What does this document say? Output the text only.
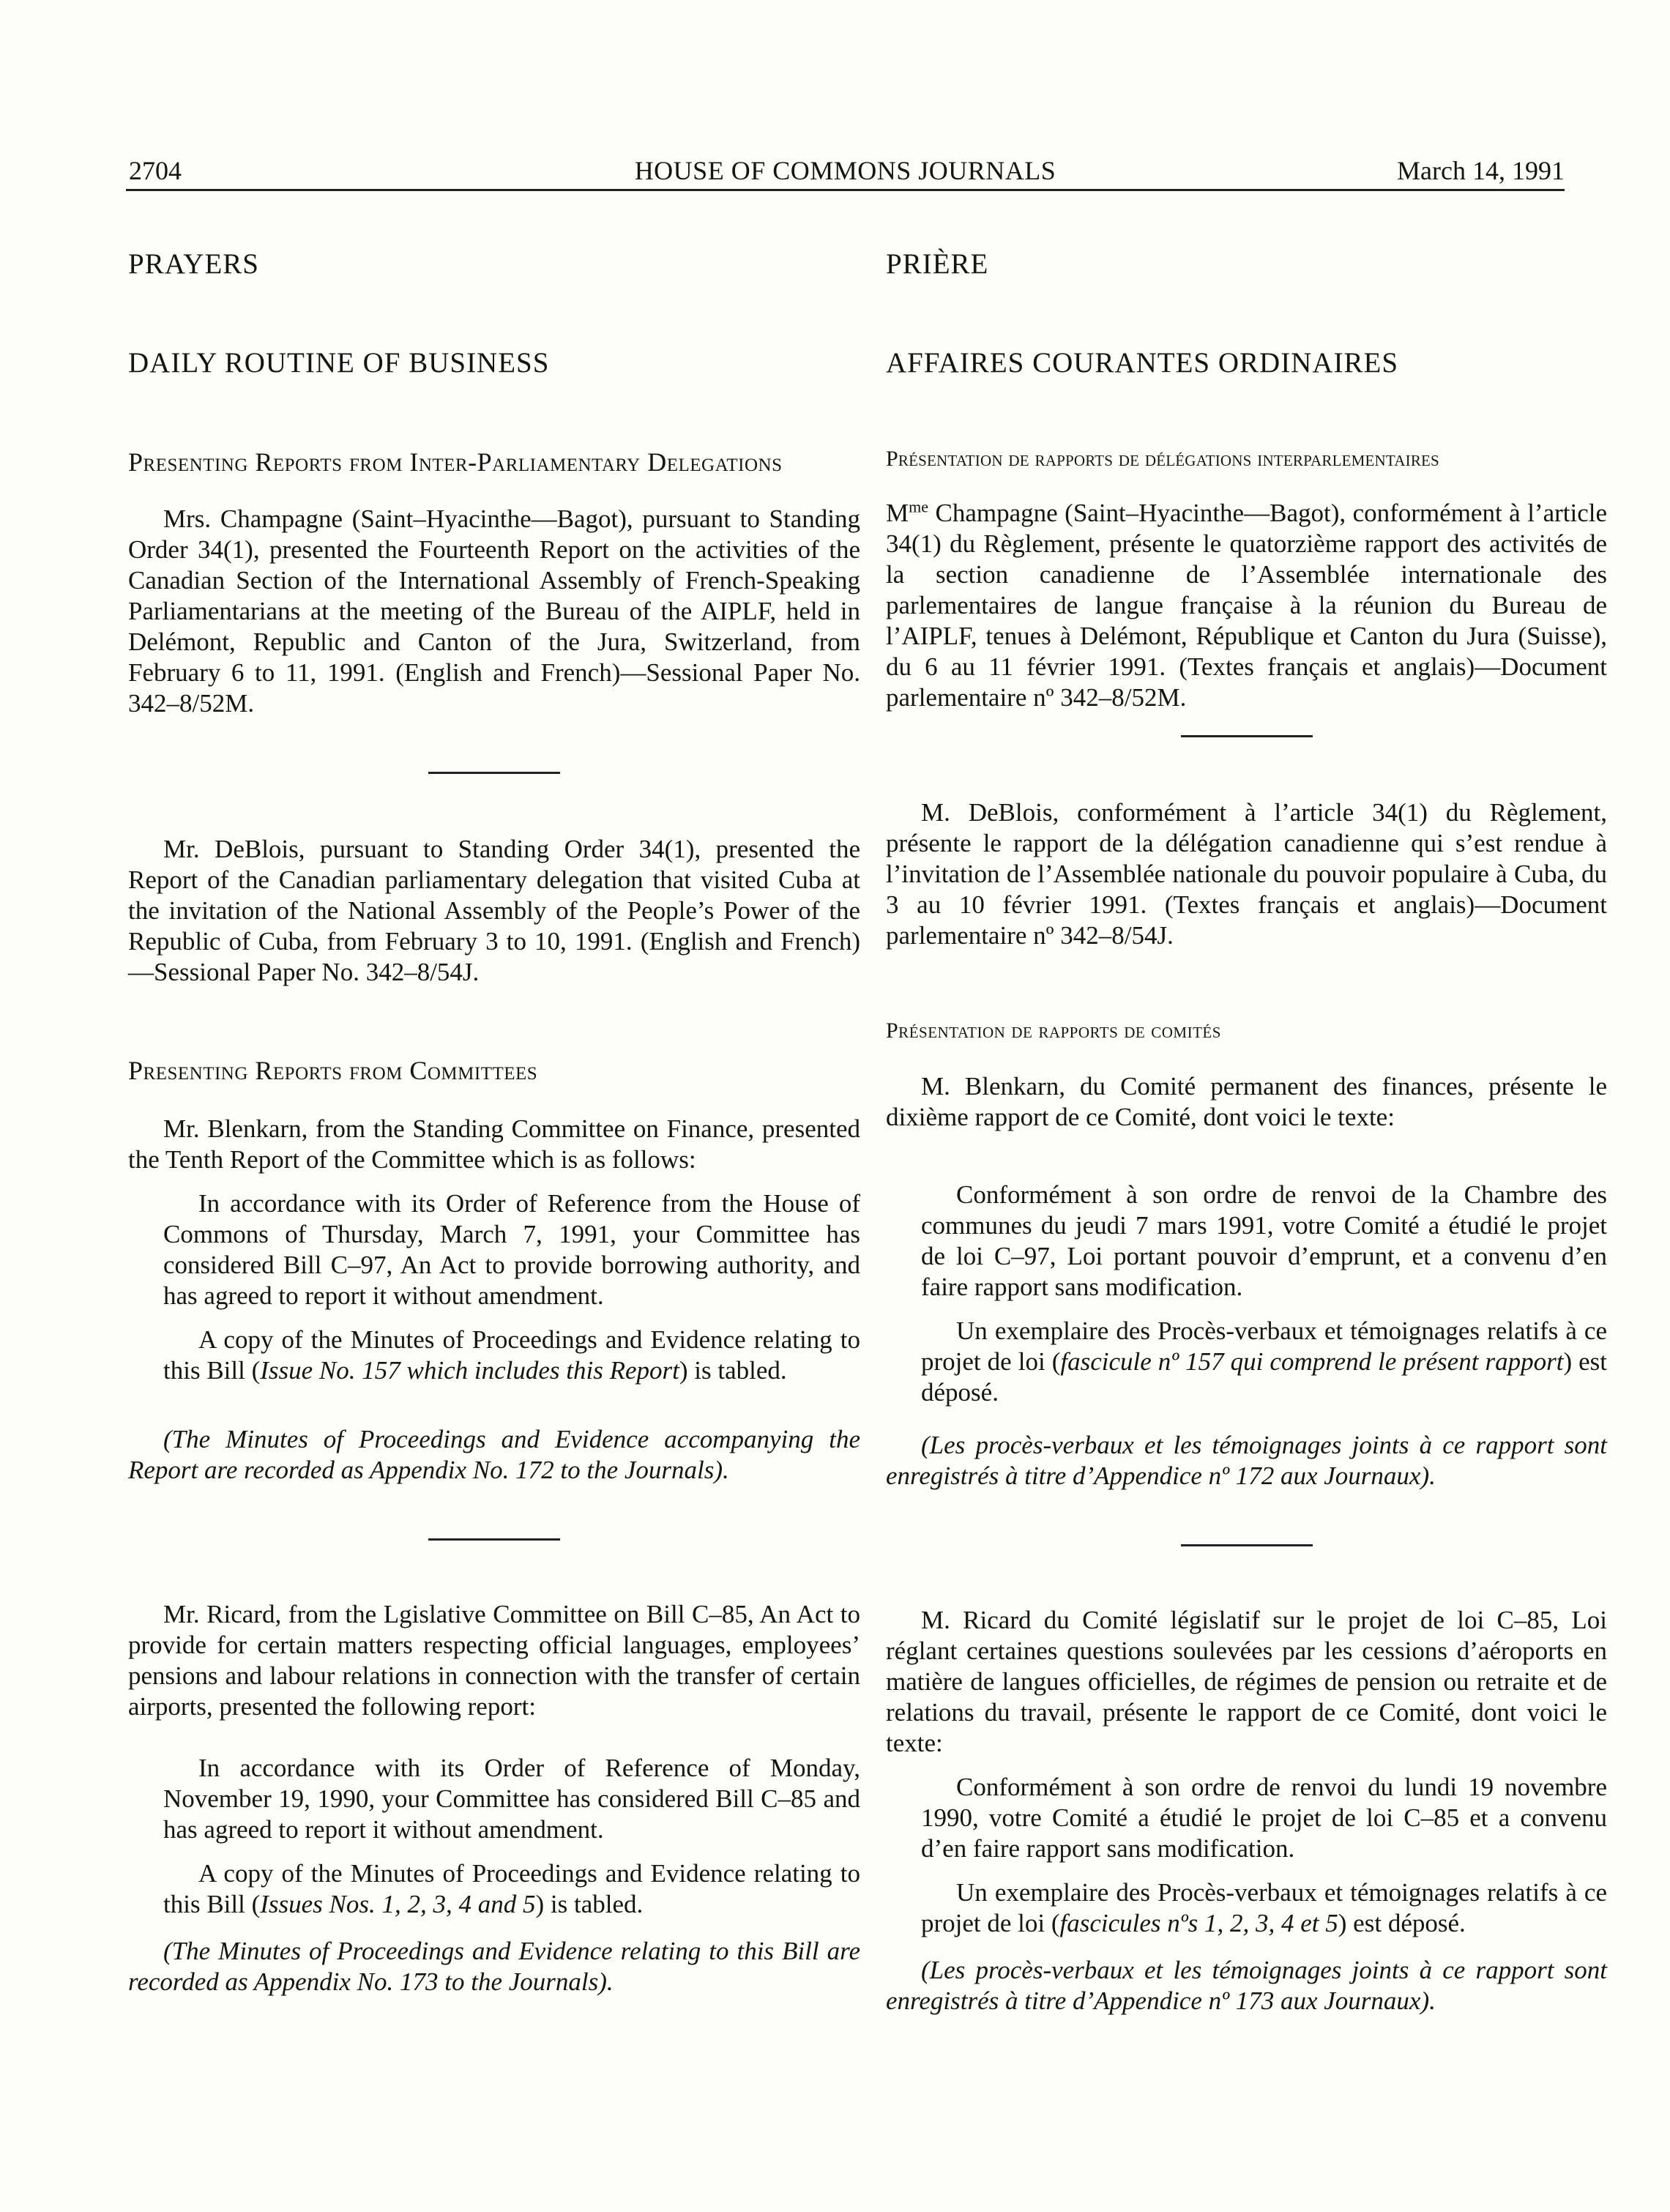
2704	HOUSE OF COMMONS JOURNALS	March 14, 1991
PRAYERS
DAILY ROUTINE OF BUSINESS
Presenting Reports from Inter-Parliamentary Delegations

Mrs. Champagne (Saint–Hyacinthe—Bagot), pursuant to Standing Order 34(1), presented the Fourteenth Report on the activities of the Canadian Section of the International Assembly of French-Speaking Parliamentarians at the meeting of the Bureau of the AIPLF, held in Delémont, Republic and Canton of the Jura, Switzerland, from February 6 to 11, 1991. (English and French)—Sessional Paper No. 342–8/52M.

Mr. DeBlois, pursuant to Standing Order 34(1), presented the Report of the Canadian parliamentary delegation that visited Cuba at the invitation of the National Assembly of the People’s Power of the Republic of Cuba, from February 3 to 10, 1991. (English and French)—Sessional Paper No. 342–8/54J.

Presenting Reports from Committees

Mr. Blenkarn, from the Standing Committee on Finance, presented the Tenth Report of the Committee which is as follows:

In accordance with its Order of Reference from the House of Commons of Thursday, March 7, 1991, your Committee has considered Bill C–97, An Act to provide borrowing authority, and has agreed to report it without amendment.

A copy of the Minutes of Proceedings and Evidence relating to this Bill (Issue No. 157 which includes this Report) is tabled.

(The Minutes of Proceedings and Evidence accompanying the Report are recorded as Appendix No. 172 to the Journals).

Mr. Ricard, from the Lgislative Committee on Bill C–85, An Act to provide for certain matters respecting official languages, employees’ pensions and labour relations in connection with the transfer of certain airports, presented the following report:

In accordance with its Order of Reference of Monday, November 19, 1990, your Committee has considered Bill C–85 and has agreed to report it without amendment.

A copy of the Minutes of Proceedings and Evidence relating to this Bill (Issues Nos. 1, 2, 3, 4 and 5) is tabled.

(The Minutes of Proceedings and Evidence relating to this Bill are recorded as Appendix No. 173 to the Journals).

PRIÈRE
AFFAIRES COURANTES ORDINAIRES
Présentation de rapports de délégations interparlementaires

$M^{me}$ Champagne (Saint–Hyacinthe—Bagot), conformément à l’article 34(1) du Règlement, présente le quatorzième rapport des activités de la section canadienne de l’Assemblée internationale des parlementaires de langue française à la réunion du Bureau de l’AIPLF, tenues à Delémont, République et Canton du Jura (Suisse), du 6 au 11 février 1991. (Textes français et anglais)—Document parlementaire nº 342–8/52M.

M. DeBlois, conformément à l’article 34(1) du Règlement, présente le rapport de la délégation canadienne qui s’est rendue à l’invitation de l’Assemblée nationale du pouvoir populaire à Cuba, du 3 au 10 février 1991. (Textes français et anglais)—Document parlementaire nº 342–8/54J.

Présentation de rapports de comités

M. Blenkarn, du Comité permanent des finances, présente le dixième rapport de ce Comité, dont voici le texte:

Conformément à son ordre de renvoi de la Chambre des communes du jeudi 7 mars 1991, votre Comité a étudié le projet de loi C–97, Loi portant pouvoir d’emprunt, et a convenu d’en faire rapport sans modification.

Un exemplaire des Procès-verbaux et témoignages relatifs à ce projet de loi (fascicule nº 157 qui comprend le présent rapport) est déposé.

(Les procès-verbaux et les témoignages joints à ce rapport sont enregistrés à titre d’Appendice nº 172 aux Journaux).

M. Ricard du Comité législatif sur le projet de loi C–85, Loi réglant certaines questions soulevées par les cessions d’aéroports en matière de langues officielles, de régimes de pension ou retraite et de relations du travail, présente le rapport de ce Comité, dont voici le texte:

Conformément à son ordre de renvoi du lundi 19 novembre 1990, votre Comité a étudié le projet de loi C–85 et a convenu d’en faire rapport sans modification.

Un exemplaire des Procès-verbaux et témoignages relatifs à ce projet de loi (fascicules nºs 1, 2, 3, 4 et 5) est déposé.

(Les procès-verbaux et les témoignages joints à ce rapport sont enregistrés à titre d’Appendice nº 173 aux Journaux).
